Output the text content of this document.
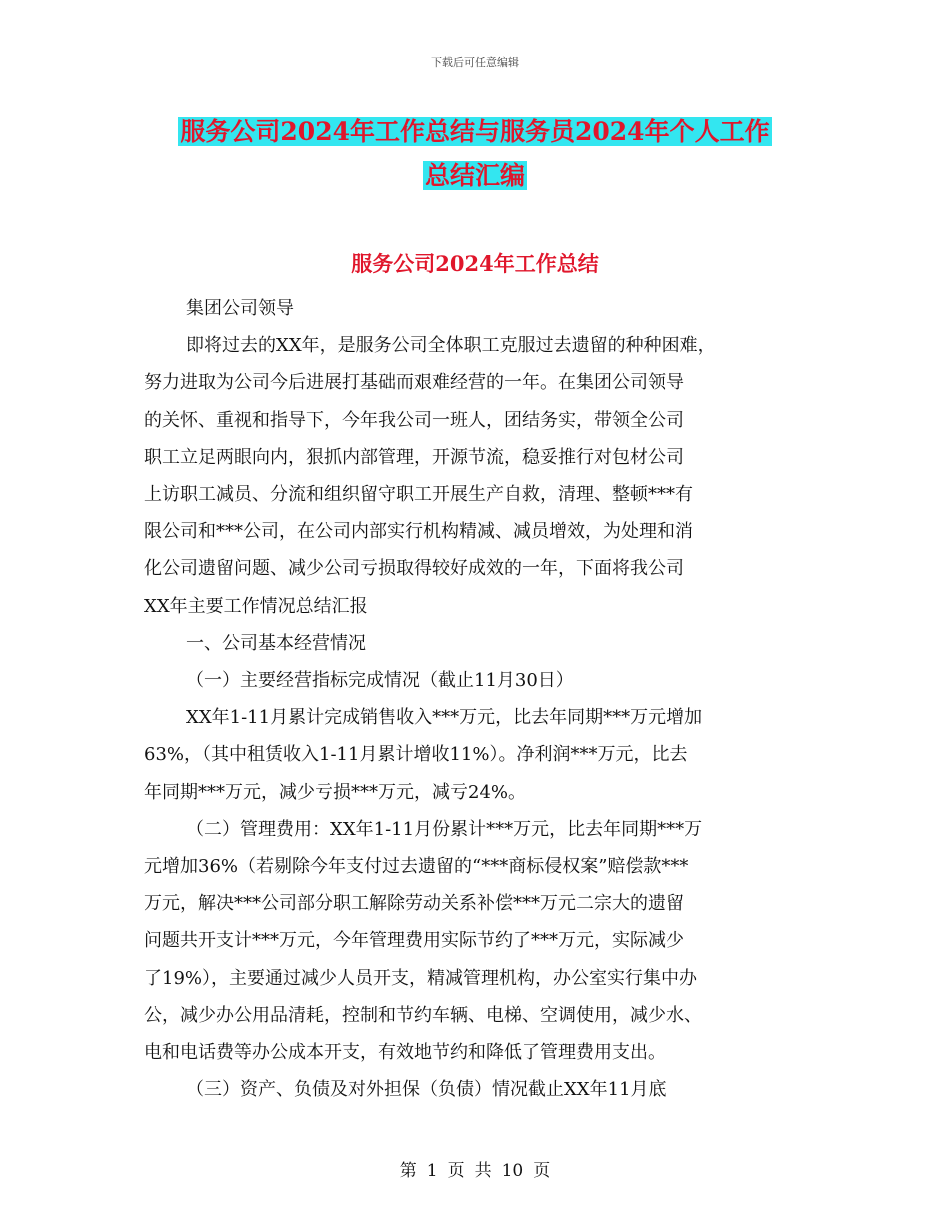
下载后可任意编辑
服务公司2024年工作总结与服务员2024年个人工作
总结汇编
服务公司2024年工作总结

集团公司领导

即将过去的XX年，是服务公司全体职工克服过去遗留的种种困难，

努力进取为公司今后进展打基础而艰难经营的一年。在集团公司领导

的关怀、重视和指导下，今年我公司一班人，团结务实，带领全公司

职工立足两眼向内，狠抓内部管理，开源节流，稳妥推行对包材公司

上访职工减员、分流和组织留守职工开展生产自救，清理、整顿***有

限公司和***公司，在公司内部实行机构精减、减员增效，为处理和消

化公司遗留问题、减少公司亏损取得较好成效的一年，下面将我公司

XX年主要工作情况总结汇报

一、公司基本经营情况

（一）主要经营指标完成情况（截止11月30日）

XX年1-11月累计完成销售收入***万元，比去年同期***万元增加

63%，（其中租赁收入1-11月累计增收11%）。净利润***万元，比去

年同期***万元，减少亏损***万元，减亏24%。

（二）管理费用：XX年1-11月份累计***万元，比去年同期***万

元增加36%（若剔除今年支付过去遗留的“***商标侵权案”赔偿款***

万元，解决***公司部分职工解除劳动关系补偿***万元二宗大的遗留

问题共开支计***万元，今年管理费用实际节约了***万元，实际减少

了19%），主要通过减少人员开支，精减管理机构，办公室实行集中办

公，减少办公用品清耗，控制和节约车辆、电梯、空调使用，减少水、

电和电话费等办公成本开支，有效地节约和降低了管理费用支出。

（三）资产、负债及对外担保（负债）情况截止XX年11月底

第 1 页 共 10 页
